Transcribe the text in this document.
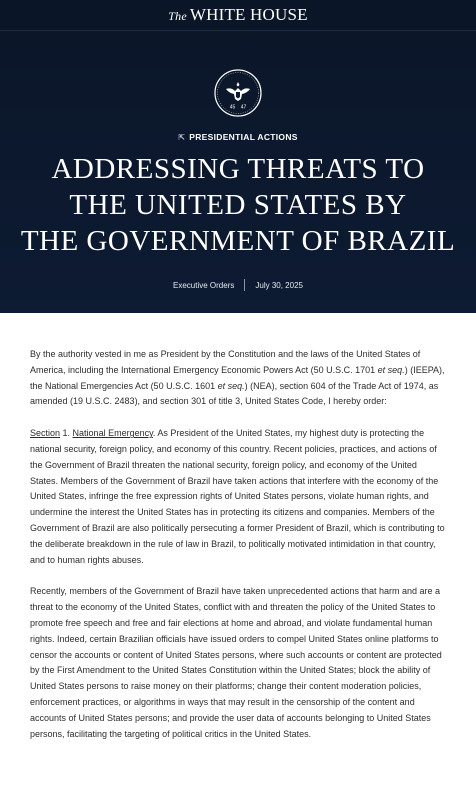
The WHITE HOUSE
45 47
⇱ PRESIDENTIAL ACTIONS
ADDRESSING THREATS TO
THE UNITED STATES BY
THE GOVERNMENT OF BRAZIL
Executive Orders	July 30, 2025

By the authority vested in me as President by the Constitution and the laws of the United States of America, including the International Emergency Economic Powers Act (50 U.S.C. 1701 et seq.) (IEEPA), the National Emergencies Act (50 U.S.C. 1601 et seq.) (NEA), section 604 of the Trade Act of 1974, as amended (19 U.S.C. 2483), and section 301 of title 3, United States Code, I hereby order:

Section 1. National Emergency. As President of the United States, my highest duty is protecting the national security, foreign policy, and economy of this country. Recent policies, practices, and actions of the Government of Brazil threaten the national security, foreign policy, and economy of the United States. Members of the Government of Brazil have taken actions that interfere with the economy of the United States, infringe the free expression rights of United States persons, violate human rights, and undermine the interest the United States has in protecting its citizens and companies. Members of the Government of Brazil are also politically persecuting a former President of Brazil, which is contributing to the deliberate breakdown in the rule of law in Brazil, to politically motivated intimidation in that country, and to human rights abuses.

Recently, members of the Government of Brazil have taken unprecedented actions that harm and are a threat to the economy of the United States, conflict with and threaten the policy of the United States to promote free speech and free and fair elections at home and abroad, and violate fundamental human rights. Indeed, certain Brazilian officials have issued orders to compel United States online platforms to censor the accounts or content of United States persons, where such accounts or content are protected by the First Amendment to the United States Constitution within the United States; block the ability of United States persons to raise money on their platforms; change their content moderation policies, enforcement practices, or algorithms in ways that may result in the censorship of the content and accounts of United States persons; and provide the user data of accounts belonging to United States persons, facilitating the targeting of political critics in the United States.
